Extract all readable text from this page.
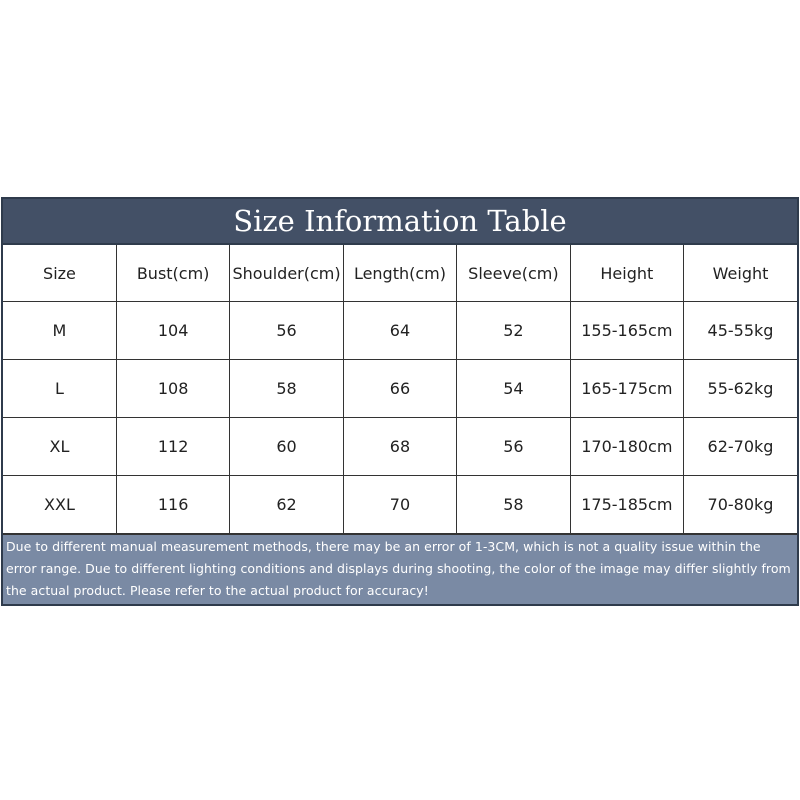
Size Information Table
Size	Bust(cm)	Shoulder(cm)	Length(cm)	Sleeve(cm)	Height	Weight
M	104	56	64	52	155-165cm	45-55kg
L	108	58	66	54	165-175cm	55-62kg
XL	112	60	68	56	170-180cm	62-70kg
XXL	116	62	70	58	175-185cm	70-80kg
Due to different manual measurement methods, there may be an error of 1-3CM, which is not a quality issue within the error range. Due to different lighting conditions and displays during shooting, the color of the image may differ slightly from the actual product. Please refer to the actual product for accuracy!
